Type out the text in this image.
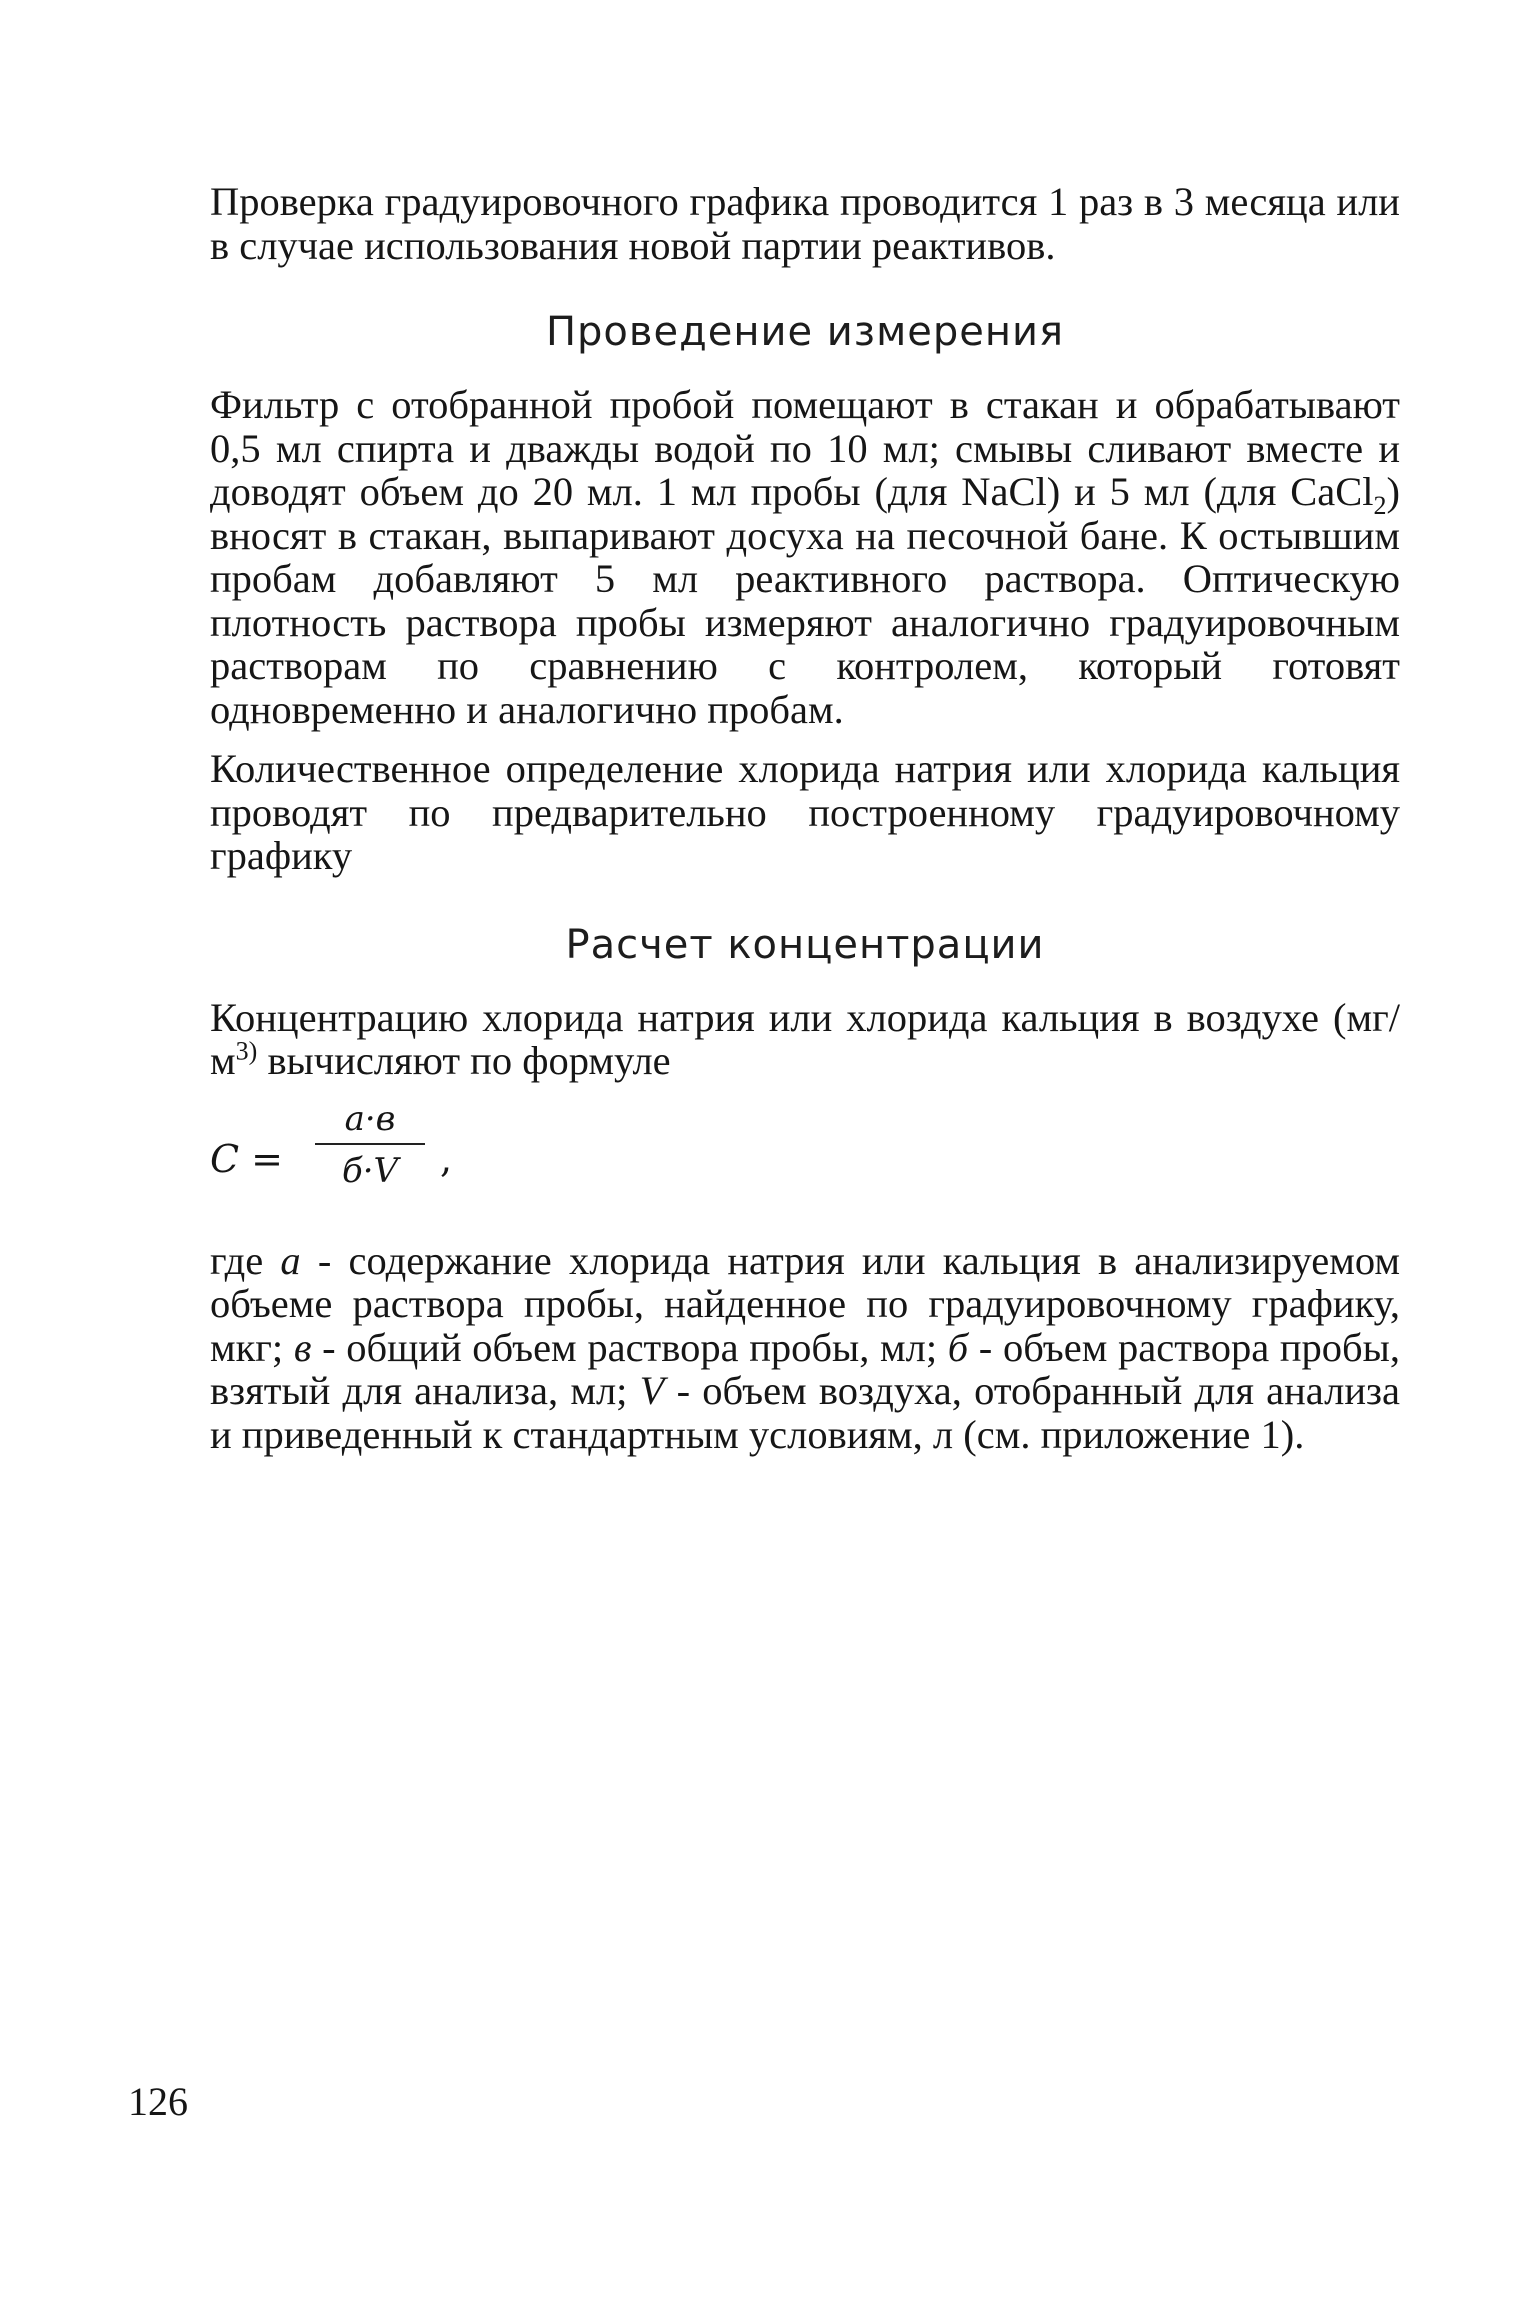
Проверка градуировочного графика проводится 1 раз в 3 месяца или в случае использования новой партии реактивов.

Проведение измерения

Фильтр с отобранной пробой помещают в стакан и обрабатывают 0,5 мл спирта и дважды водой по 10 мл; смывы сливают вместе и доводят объем до 20 мл. 1 мл пробы (для NaCl) и 5 мл (для CaCl$_2$) вносят в стакан, выпаривают досуха на песочной бане. К остывшим пробам добавляют 5 мл реактивного раствора. Оптическую плотность раствора пробы измеряют аналогично градуировочным растворам по сравнению с контролем, который готовят одновременно и аналогично пробам.

Количественное определение хлорида натрия или хлорида кальция проводят по предварительно построенному градуировочному графику

Расчет концентрации

Концентрацию хлорида натрия или хлорида кальция в воздухе ($мг/м^{3)}$ вычисляют по формуле

C =
a·в
б·V	,

где a - содержание хлорида натрия или кальция в анализируемом объеме раствора пробы, найденное по градуировочному графику, мкг; в - общий объем раствора пробы, мл; б - объем раствора пробы, взятый для анализа, мл; V - объем воздуха, отобранный для анализа и приведенный к стандартным условиям, л (см. приложение 1).

126
